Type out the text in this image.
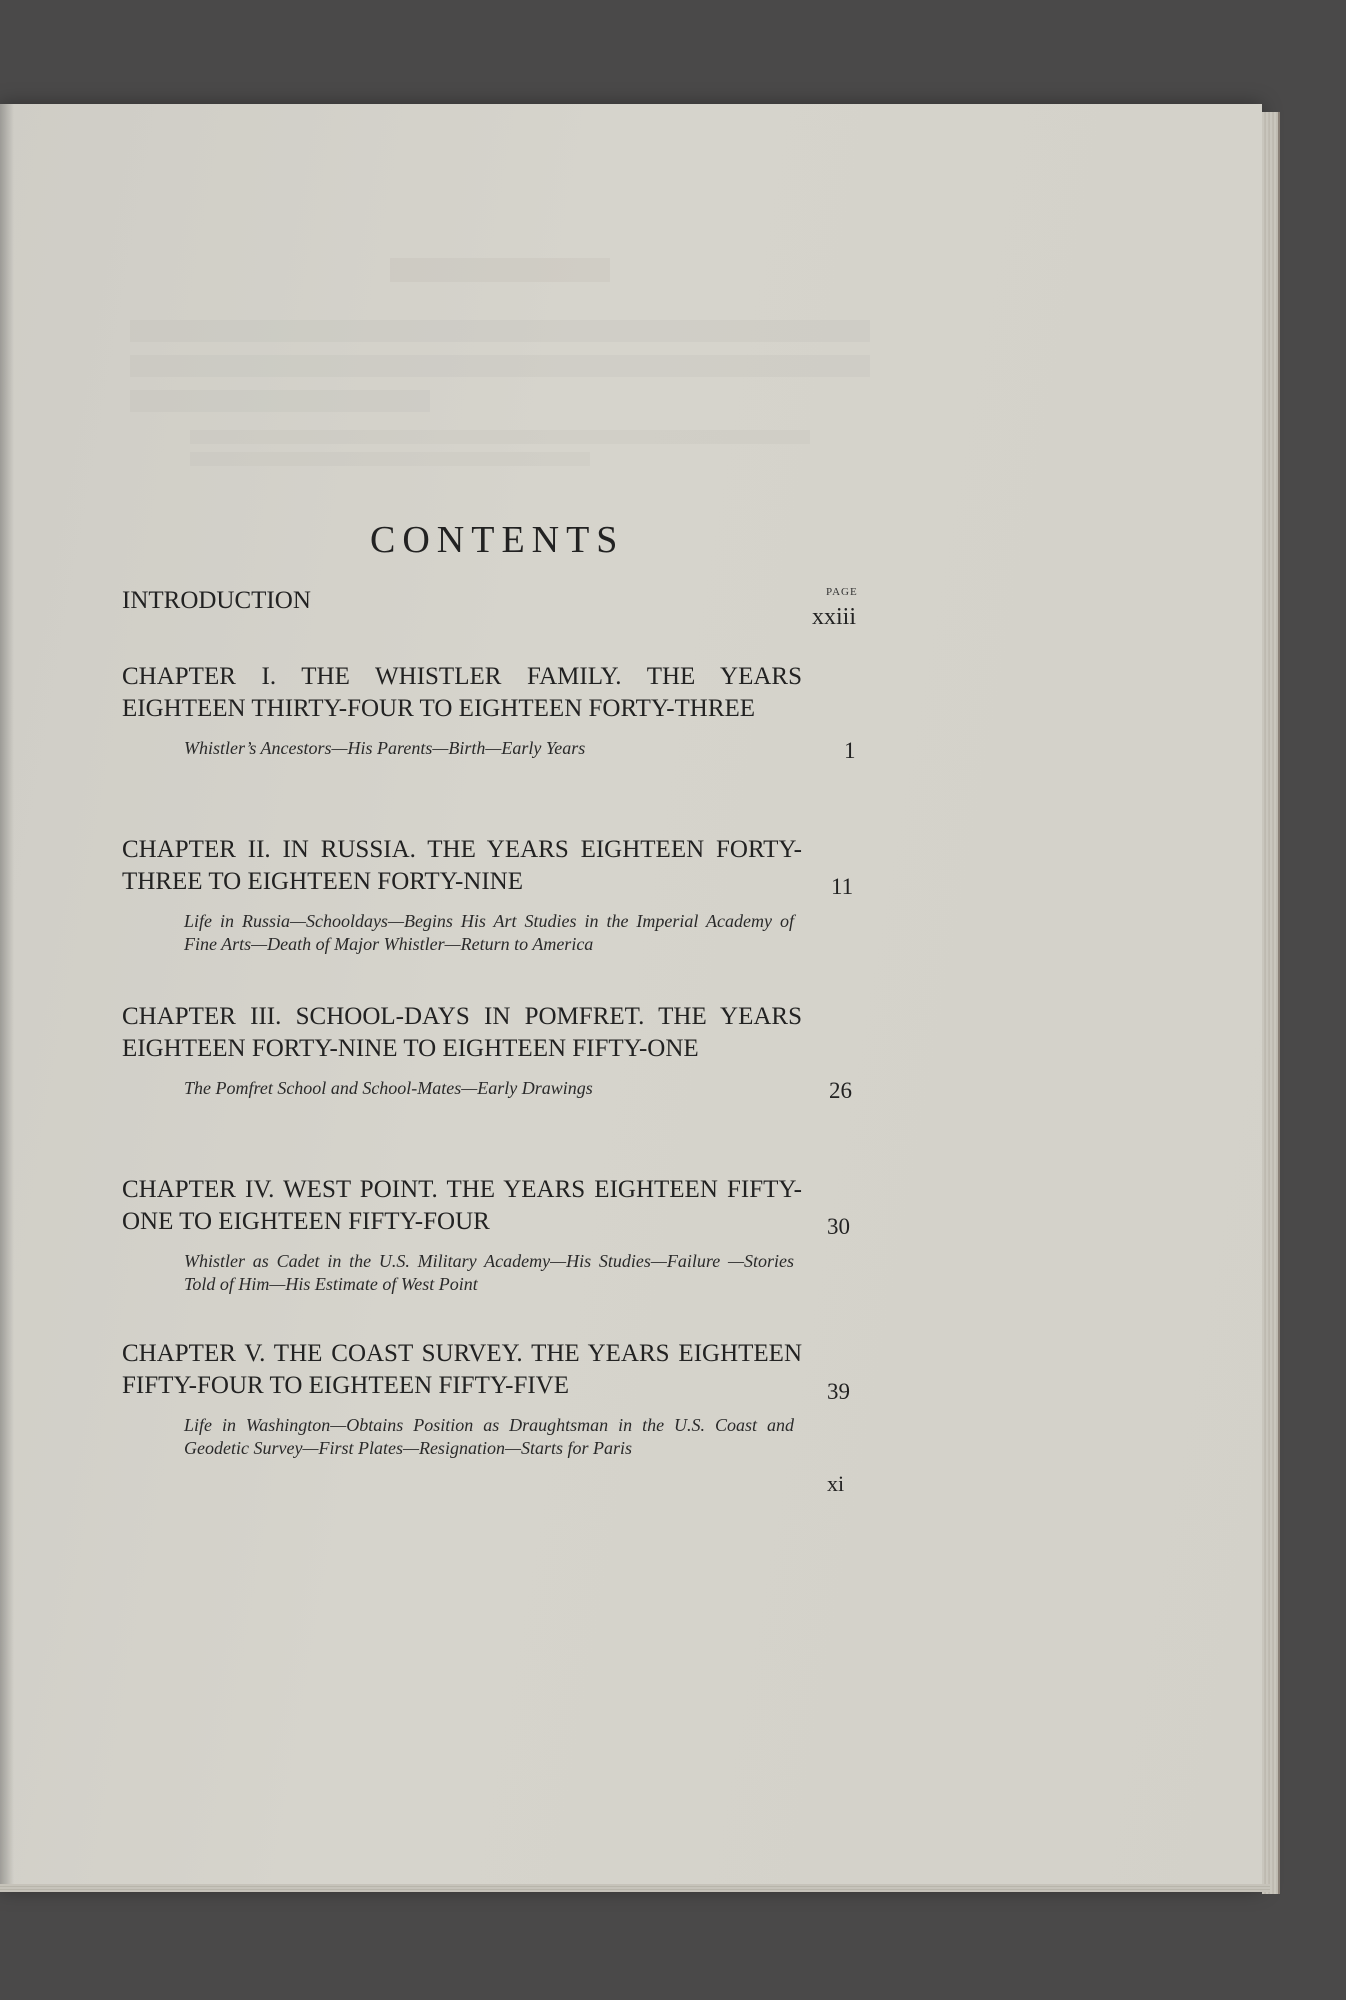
CONTENTS
PAGE
INTRODUCTION
xxiii
CHAPTER I. THE WHISTLER FAMILY. THE YEARS EIGHTEEN THIRTY-FOUR TO EIGHTEEN FORTY-THREE
Whistler’s Ancestors—His Parents—Birth—Early Years	1
CHAPTER II. IN RUSSIA. THE YEARS EIGHTEEN FORTY-THREE TO EIGHTEEN FORTY-NINE
Life in Russia—Schooldays—Begins His Art Studies in the Imperial Academy of Fine Arts—Death of Major Whistler—Return to America
11
CHAPTER III. SCHOOL-DAYS IN POMFRET. THE YEARS EIGHTEEN FORTY-NINE TO EIGHTEEN FIFTY-ONE
The Pomfret School and School-Mates—Early Drawings	26
CHAPTER IV. WEST POINT. THE YEARS EIGHTEEN FIFTY-ONE TO EIGHTEEN FIFTY-FOUR
Whistler as Cadet in the U.S. Military Academy—His Studies—Failure —Stories Told of Him—His Estimate of West Point
30
CHAPTER V. THE COAST SURVEY. THE YEARS EIGHTEEN FIFTY-FOUR TO EIGHTEEN FIFTY-FIVE
Life in Washington—Obtains Position as Draughtsman in the U.S. Coast and Geodetic Survey—First Plates—Resignation—Starts for Paris
39
xi
